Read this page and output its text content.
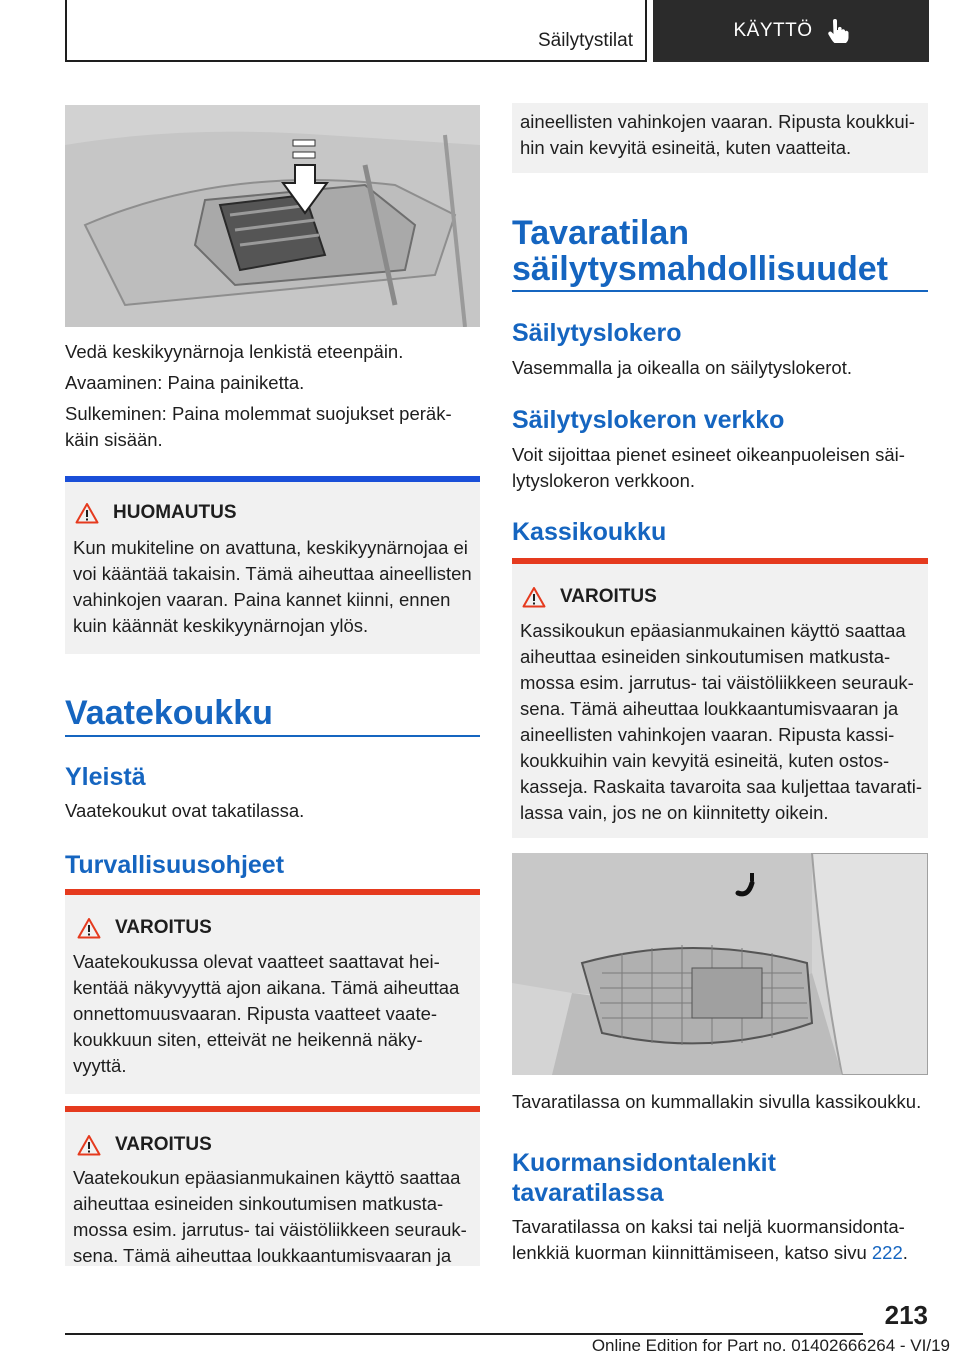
Säilytystilat	KÄYTTÖ

Vedä keskikyynärnoja lenkistä eteenpäin.

Avaaminen: Paina painiketta.

Sulkeminen: Paina molemmat suojukset peräk-

käin sisään.

HUOMAUTUS

Kun mukiteline on avattuna, keskikyynärnojaa ei

voi kääntää takaisin. Tämä aiheuttaa aineellisten

vahinkojen vaaran. Paina kannet kiinni, ennen

kuin käännät keskikyynärnojan ylös.

Vaatekoukku
Yleistä

Vaatekoukut ovat takatilassa.

Turvallisuusohjeet
VAROITUS

Vaatekoukussa olevat vaatteet saattavat hei-

kentää näkyvyyttä ajon aikana. Tämä aiheuttaa

onnettomuusvaaran. Ripusta vaatteet vaate-

koukkuun siten, etteivät ne heikennä näky-

vyyttä.

VAROITUS

Vaatekoukun epäasianmukainen käyttö saattaa

aiheuttaa esineiden sinkoutumisen matkusta-

mossa esim. jarrutus- tai väistöliikkeen seurauk-

sena. Tämä aiheuttaa loukkaantumisvaaran ja

aineellisten vahinkojen vaaran. Ripusta koukkui-

hin vain kevyitä esineitä, kuten vaatteita.

Tavaratilan
säilytysmahdollisuudet
Säilytyslokero

Vasemmalla ja oikealla on säilytyslokerot.

Säilytyslokeron verkko

Voit sijoittaa pienet esineet oikeanpuoleisen säi-

lytyslokeron verkkoon.

Kassikoukku
VAROITUS

Kassikoukun epäasianmukainen käyttö saattaa

aiheuttaa esineiden sinkoutumisen matkusta-

mossa esim. jarrutus- tai väistöliikkeen seurauk-

sena. Tämä aiheuttaa loukkaantumisvaaran ja

aineellisten vahinkojen vaaran. Ripusta kassi-

koukkuihin vain kevyitä esineitä, kuten ostos-

kasseja. Raskaita tavaroita saa kuljettaa tavarati-

lassa vain, jos ne on kiinnitetty oikein.

Tavaratilassa on kummallakin sivulla kassikoukku.

Kuormansidontalenkit
tavaratilassa

Tavaratilassa on kaksi tai neljä kuormansidonta-

lenkkiä kuorman kiinnittämiseen, katso sivu 222.

213
Online Edition for Part no. 01402666264 - VI/19
